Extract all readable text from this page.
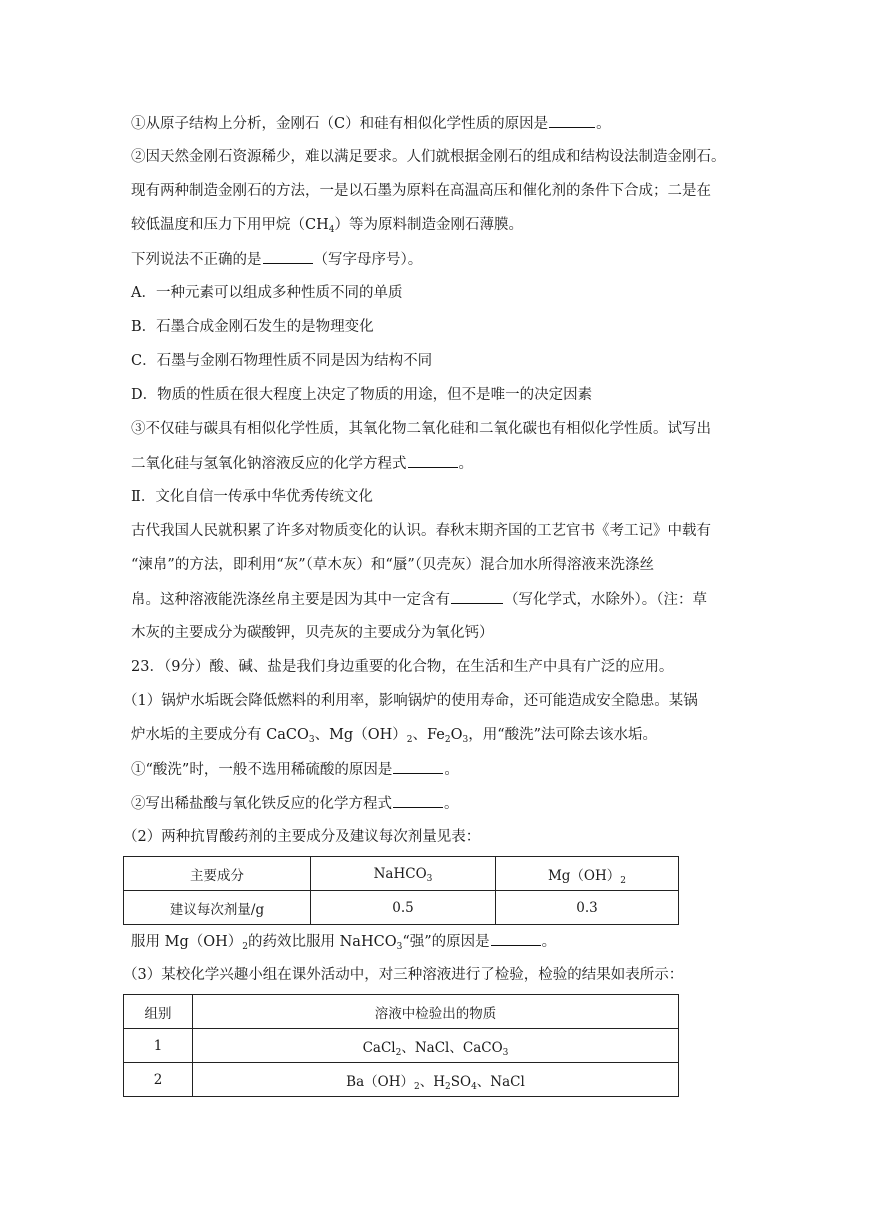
①从原子结构上分析，金刚石（C）和硅有相似化学性质的原因是	。
②因天然金刚石资源稀少，难以满足要求。人们就根据金刚石的组成和结构设法制造金刚石。
现有两种制造金刚石的方法，一是以石墨为原料在高温高压和催化剂的条件下合成；二是在
较低温度和压力下用甲烷$(CH_4)$等为原料制造金刚石薄膜。
下列说法不正确的是	（写字母序号）。
A．一种元素可以组成多种性质不同的单质
B．石墨合成金刚石发生的是物理变化
C．石墨与金刚石物理性质不同是因为结构不同
D．物质的性质在很大程度上决定了物质的用途，但不是唯一的决定因素
③不仅硅与碳具有相似化学性质，其氧化物二氧化硅和二氧化碳也有相似化学性质。试写出
二氧化硅与氢氧化钠溶液反应的化学方程式	。
Ⅱ．文化自信一传承中华优秀传统文化
古代我国人民就积累了许多对物质变化的认识。春秋末期齐国的工艺官书《考工记》中载有
“湅帛”的方法，即利用“灰”（草木灰）和“蜃”（贝壳灰）混合加水所得溶液来洗涤丝
帛。这种溶液能洗涤丝帛主要是因为其中一定含有	（写化学式，水除外）。（注：草
木灰的主要成分为碳酸钾，贝壳灰的主要成分为氧化钙）
23．（9分）酸、碱、盐是我们身边重要的化合物，在生活和生产中具有广泛的应用。
（1）锅炉水垢既会降低燃料的利用率，影响锅炉的使用寿命，还可能造成安全隐患。某锅
炉水垢的主要成分有 CaCO$_3$、$Mg(OH)_2$、$Fe_2O_3$，用“酸洗”法可除去该水垢。
①“酸洗”时，一般不选用稀硫酸的原因是	。
②写出稀盐酸与氧化铁反应的化学方程式	。
（2）两种抗胃酸药剂的主要成分及建议每次剂量见表：
主要成分	NaHCO$_3$	$Mg(OH)_2$
建议每次剂量/g	0.5	0.3
服用 $Mg(OH)_2$的药效比服用 NaHCO$_3$“强”的原因是	。
（3）某校化学兴趣小组在课外活动中，对三种溶液进行了检验，检验的结果如表所示：
组别	溶液中检验出的物质
1	CaCl$_2$、NaCl、CaCO$_3$
2	$Ba(OH)_2$、$H_2SO_4$、NaCl
